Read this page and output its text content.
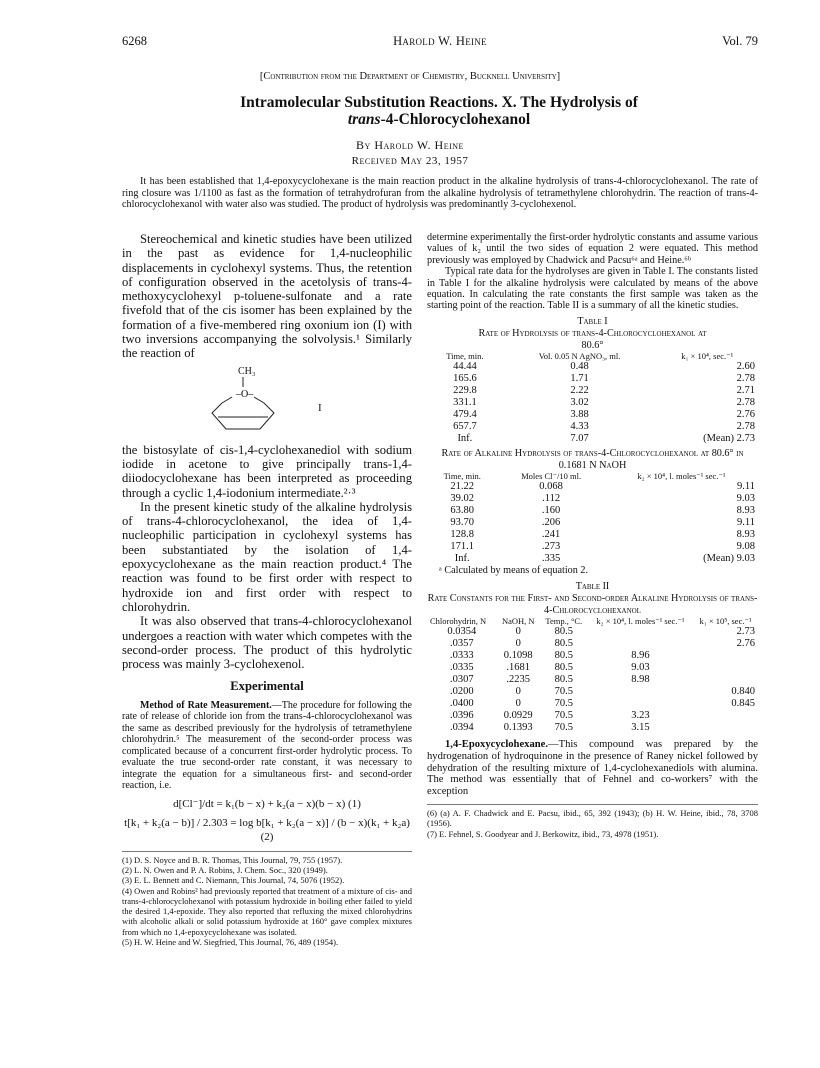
6268	Harold W. Heine	Vol. 79
[Contribution from the Department of Chemistry, Bucknell University]
Intramolecular Substitution Reactions. X. The Hydrolysis of
trans-4-Chlorocyclohexanol
By Harold W. Heine
Received May 23, 1957
It has been established that 1,4-epoxycyclohexane is the main reaction product in the alkaline hydrolysis of trans-4-chlorocyclohexanol. The rate of ring closure was 1/1100 as fast as the formation of tetrahydrofuran from the alkaline hydrolysis of tetramethylene chlorohydrin. The reaction of trans-4-chlorocyclohexanol with water also was studied. The product of hydrolysis was predominantly 3-cyclohexenol.

Stereochemical and kinetic studies have been utilized in the past as evidence for 1,4-nucleophilic displacements in cyclohexyl systems. Thus, the retention of configuration observed in the acetolysis of trans-4-methoxycyclohexyl p-toluene-sulfonate and a rate fivefold that of the cis isomer has been explained by the formation of a five-membered ring oxonium ion (I) with two inversions accompanying the solvolysis.¹ Similarly the reaction of

CH₃
–O–
I

the bistosylate of cis-1,4-cyclohexanediol with sodium iodide in acetone to give principally trans-1,4-diiodocyclohexane has been interpreted as proceeding through a cyclic 1,4-iodonium intermediate.²·³

In the present kinetic study of the alkaline hydrolysis of trans-4-chlorocyclohexanol, the idea of 1,4-nucleophilic participation in cyclohexyl systems has been substantiated by the isolation of 1,4-epoxycyclohexane as the main reaction product.⁴ The reaction was found to be first order with respect to hydroxide ion and first order with respect to chlorohydrin.

It was also observed that trans-4-chlorocyclohexanol undergoes a reaction with water which competes with the second-order process. The product of this hydrolytic process was mainly 3-cyclohexenol.

Experimental

Method of Rate Measurement.—The procedure for following the rate of release of chloride ion from the trans-4-chlorocyclohexanol was the same as described previously for the hydrolysis of tetramethylene chlorohydrin.⁵ The measurement of the second-order process was complicated because of a concurrent first-order hydrolytic process. To evaluate the true second-order rate constant, it was necessary to integrate the equation for a simultaneous first- and second-order reaction, i.e.

d[Cl⁻]/dt = k₁(b − x) + k₂(a − x)(b − x) (1)
t[k₁ + k₂(a − b)] / 2.303 = log b[k₁ + k₂(a − x)] / (b − x)(k₁ + k₂a) (2)
(1) D. S. Noyce and B. R. Thomas, This Journal, 79, 755 (1957).
(2) L. N. Owen and P. A. Robins, J. Chem. Soc., 320 (1949).
(3) E. L. Bennett and C. Niemann, This Journal, 74, 5076 (1952).
(4) Owen and Robins² had previously reported that treatment of a mixture of cis- and trans-4-chlorocyclohexanol with potassium hydroxide in boiling ether failed to yield the desired 1,4-epoxide. They also reported that refluxing the mixed chlorohydrins with alcoholic alkali or solid potassium hydroxide at 160° gave complex mixtures from which no 1,4-epoxycyclohexane was isolated.
(5) H. W. Heine and W. Siegfried, This Journal, 76, 489 (1954).

determine experimentally the first-order hydrolytic constants and assume various values of k₂ until the two sides of equation 2 were equated. This method previously was employed by Chadwick and Pacsu⁶ᵃ and Heine.⁶ᵇ

Typical rate data for the hydrolyses are given in Table I. The constants listed in Table I for the alkaline hydrolysis were calculated by means of the above equation. In calculating the rate constants the first sample was taken as the starting point of the reaction. Table II is a summary of all the kinetic studies.

Table I
Rate of Hydrolysis of trans-4-Chlorocyclohexanol at
80.6°
Time, min.	Vol. 0.05 N AgNO₃, ml.	k₁ × 10⁴, sec.⁻¹
44.44	0.48	2.60
165.6	1.71	2.78
229.8	2.22	2.71
331.1	3.02	2.78
479.4	3.88	2.76
657.7	4.33	2.78
Inf.	7.07	(Mean) 2.73
Rate of Alkaline Hydrolysis of trans-4-Chlorocyclohexanol at 80.6° in 0.1681 N NaOH
Time, min.	Moles Cl⁻/10 ml.	k₂ × 10⁴, l. moles⁻¹ sec.⁻¹
21.22	0.068	9.11
39.02	.112	9.03
63.80	.160	8.93
93.70	.206	9.11
128.8	.241	8.93
171.1	.273	9.08
Inf.	.335	(Mean) 9.03
ᵃ Calculated by means of equation 2.
Table II
Rate Constants for the First- and Second-order Alkaline Hydrolysis of trans-4-Chlorocyclohexanol
Chlorohydrin, N	NaOH, N	Temp., °C.	k₂ × 10⁴, l. moles⁻¹ sec.⁻¹	k₁ × 10⁵, sec.⁻¹
0.0354	0	80.5		2.73
.0357	0	80.5		2.76
.0333	0.1098	80.5	8.96	
.0335	.1681	80.5	9.03	
.0307	.2235	80.5	8.98	
.0200	0	70.5		0.840
.0400	0	70.5		0.845
.0396	0.0929	70.5	3.23	
.0394	0.1393	70.5	3.15	

1,4-Epoxycyclohexane.—This compound was prepared by the hydrogenation of hydroquinone in the presence of Raney nickel followed by dehydration of the resulting mixture of 1,4-cyclohexanediols with alumina. The method was essentially that of Fehnel and co-workers⁷ with the exception

(6) (a) A. F. Chadwick and E. Pacsu, ibid., 65, 392 (1943); (b) H. W. Heine, ibid., 78, 3708 (1956).
(7) E. Fehnel, S. Goodyear and J. Berkowitz, ibid., 73, 4978 (1951).
